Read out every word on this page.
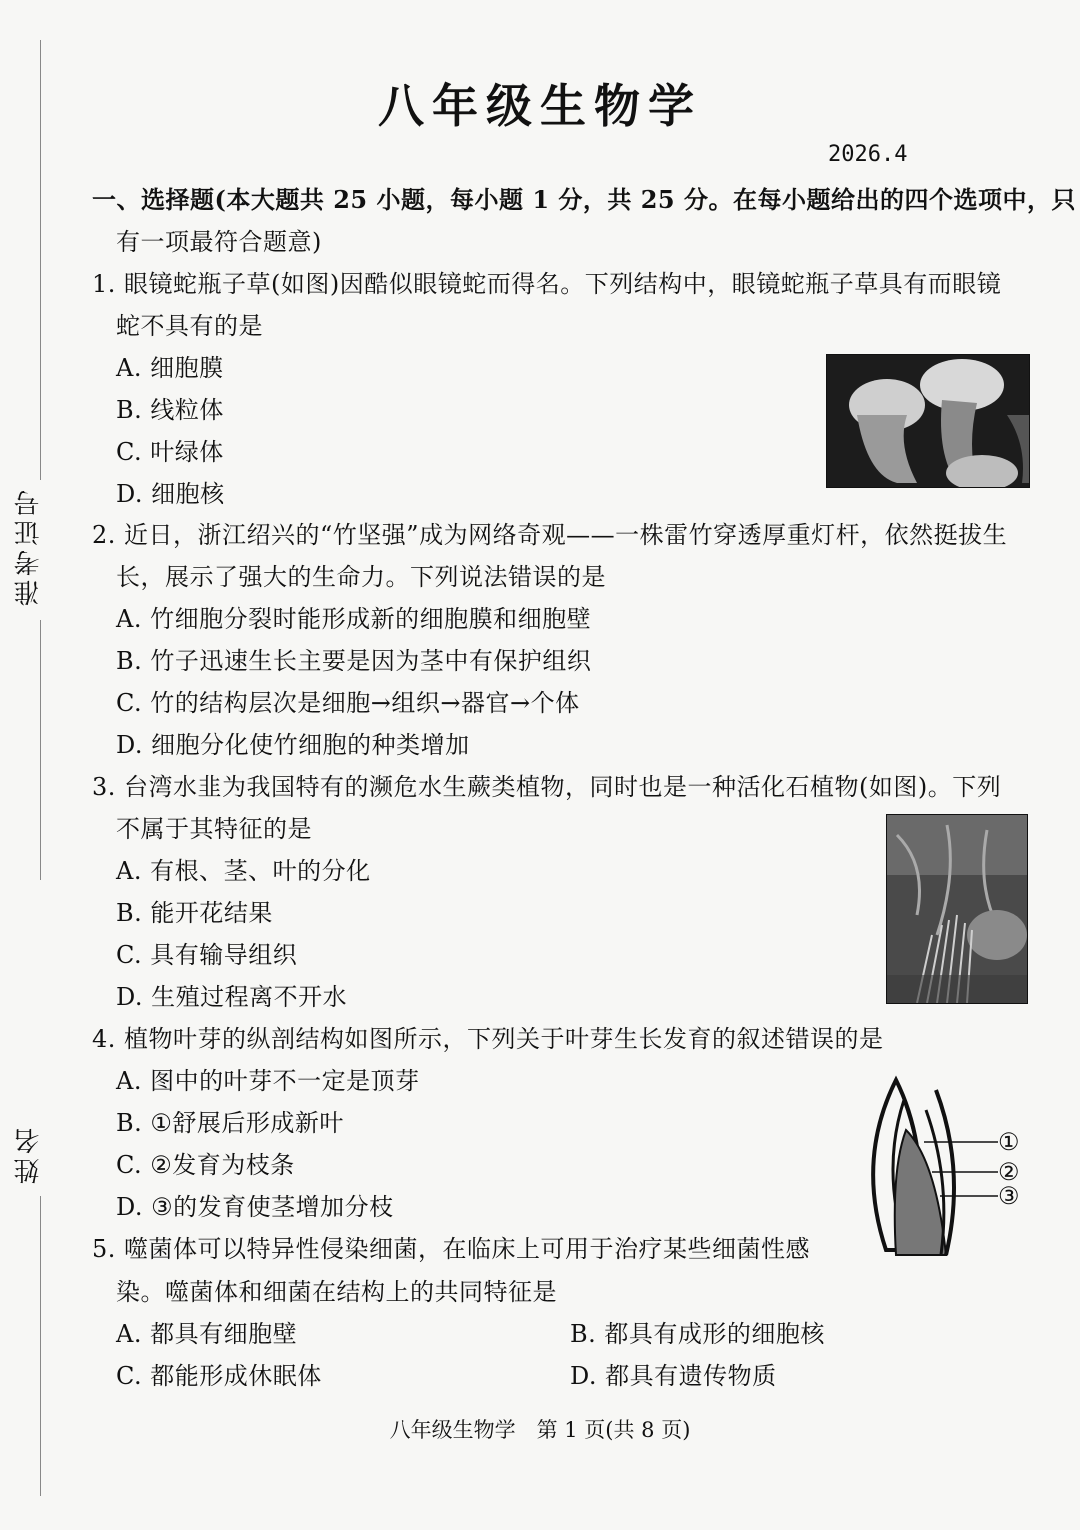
准考证号
姓名
八年级生物学
2026.4
一、选择题(本大题共 25 小题，每小题 1 分，共 25 分。在每小题给出的四个选项中，只
有一项最符合题意)
1. 眼镜蛇瓶子草(如图)因酷似眼镜蛇而得名。下列结构中，眼镜蛇瓶子草具有而眼镜
蛇不具有的是
A. 细胞膜
B. 线粒体
C. 叶绿体
D. 细胞核
2. 近日，浙江绍兴的“竹坚强”成为网络奇观——一株雷竹穿透厚重灯杆，依然挺拔生
长，展示了强大的生命力。下列说法错误的是
A. 竹细胞分裂时能形成新的细胞膜和细胞壁
B. 竹子迅速生长主要是因为茎中有保护组织
C. 竹的结构层次是细胞→组织→器官→个体
D. 细胞分化使竹细胞的种类增加
3. 台湾水韭为我国特有的濒危水生蕨类植物，同时也是一种活化石植物(如图)。下列
不属于其特征的是
A. 有根、茎、叶的分化
B. 能开花结果
C. 具有输导组织
D. 生殖过程离不开水
4. 植物叶芽的纵剖结构如图所示，下列关于叶芽生长发育的叙述错误的是
A. 图中的叶芽不一定是顶芽
B. ①舒展后形成新叶
C. ②发育为枝条
D. ③的发育使茎增加分枝
①
②
③
5. 噬菌体可以特异性侵染细菌，在临床上可用于治疗某些细菌性感
染。噬菌体和细菌在结构上的共同特征是
A. 都具有细胞壁	B. 都具有成形的细胞核
C. 都能形成休眠体	D. 都具有遗传物质
八年级生物学　第 1 页(共 8 页)
